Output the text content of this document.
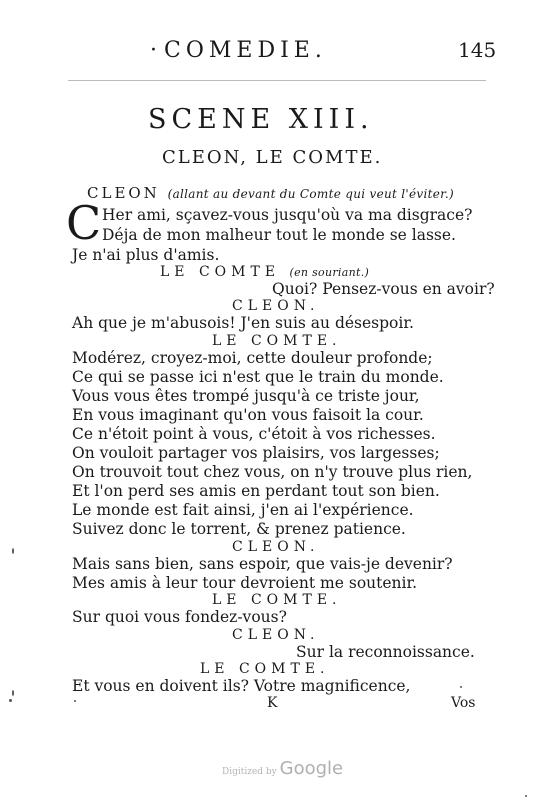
· COMEDIE.	145
SCENE XIII.
CLEON, LE COMTE.
CLEON (allant au devant du Comte qui veut l'éviter.)
C Her ami, sçavez-vous jusqu'où va ma disgrace?
Déja de mon malheur tout le monde se lasse.
Je n'ai plus d'amis.
LE COMTE (en souriant.)
Quoi? Pensez-vous en avoir?
CLEON.
Ah que je m'abusois! J'en suis au désespoir.
LE COMTE.
Modérez, croyez-moi, cette douleur profonde;
Ce qui se passe ici n'est que le train du monde.
Vous vous êtes trompé jusqu'à ce triste jour,
En vous imaginant qu'on vous faisoit la cour.
Ce n'étoit point à vous, c'étoit à vos richesses.
On vouloit partager vos plaisirs, vos largesses;
On trouvoit tout chez vous, on n'y trouve plus rien,
Et l'on perd ses amis en perdant tout son bien.
Le monde est fait ainsi, j'en ai l'expérience.
Suivez donc le torrent, & prenez patience.
CLEON.
Mais sans bien, sans espoir, que vais-je devenir?
Mes amis à leur tour devroient me soutenir.
LE COMTE.
Sur quoi vous fondez-vous?
CLEON.
Sur la reconnoissance.
LE COMTE.
Et vous en doivent ils? Votre magnificence,
K	Vos
Digitized by Google
